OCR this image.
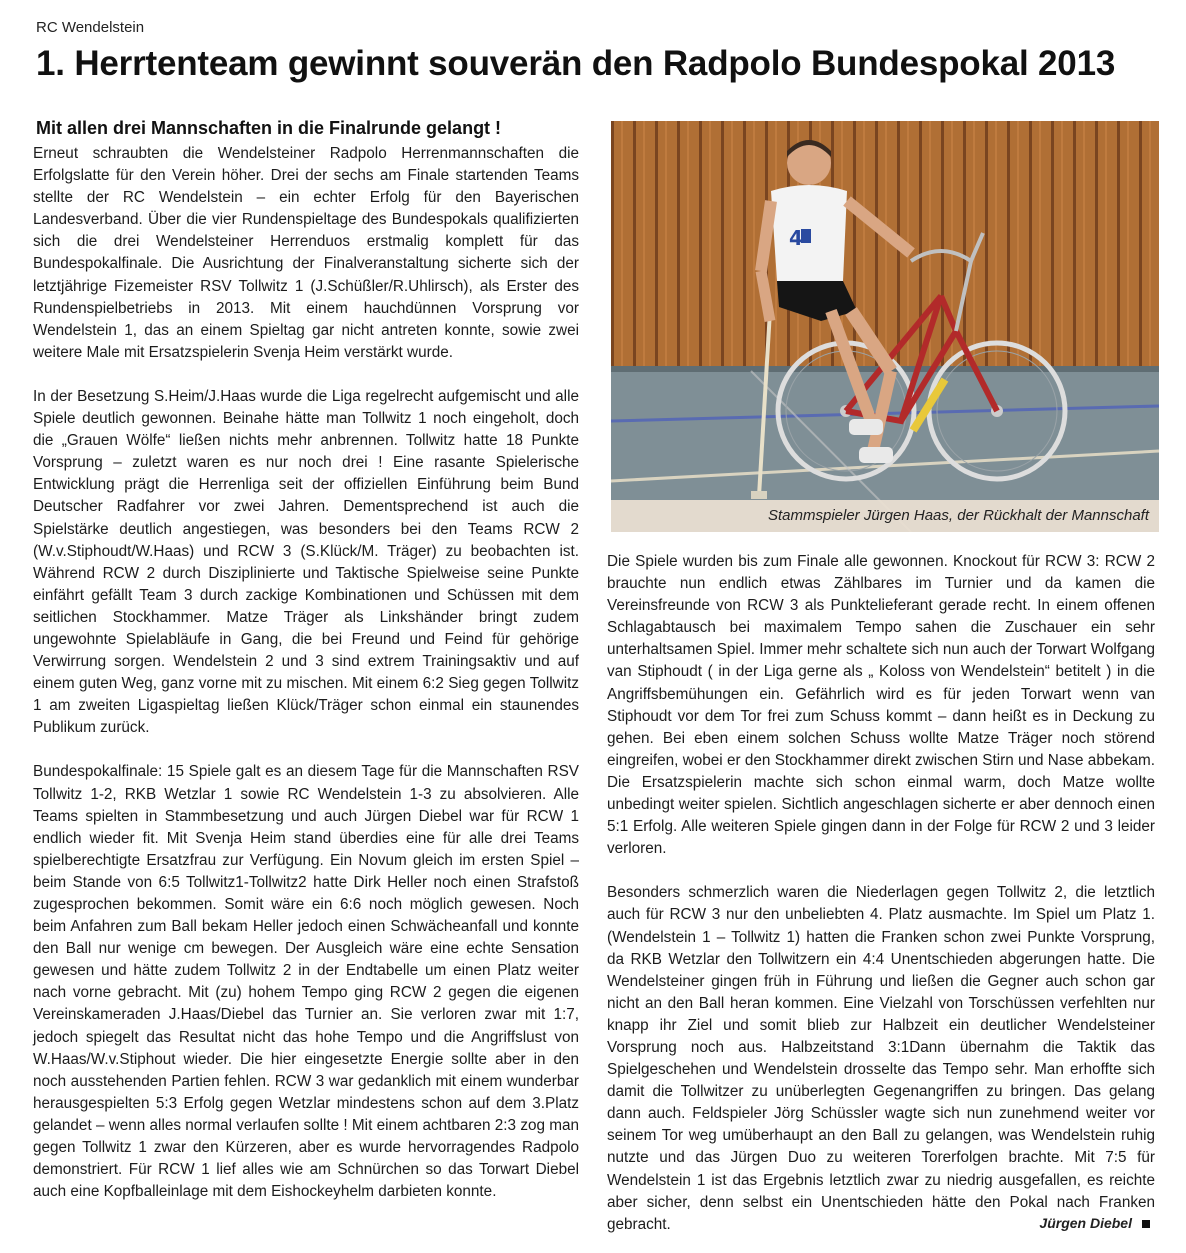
RC Wendelstein
1. Herrtenteam gewinnt souverän den Radpolo Bundespokal 2013
Mit allen drei Mannschaften in die Finalrunde gelangt !

Erneut schraubten die Wendelsteiner Radpolo Herrenmannschaften die Erfolgslatte für den Verein höher. Drei der sechs am Finale startenden Teams stellte der RC Wendelstein – ein echter Erfolg für den Bayerischen Landesverband. Über die vier Rundenspieltage des Bundespokals qualifizierten sich die drei Wendelsteiner Herrenduos erstmalig komplett für das Bundespokalfinale. Die Ausrichtung der Finalveranstaltung sicherte sich der letztjährige Fizemeister RSV Tollwitz 1 (J.Schüßler/R.Uhlirsch), als Erster des Rundenspielbetriebs in 2013. Mit einem hauchdünnen Vorsprung vor Wendelstein 1, das an einem Spieltag gar nicht antreten konnte, sowie zwei weitere Male mit Ersatzspielerin Svenja Heim verstärkt wurde.

In der Besetzung S.Heim/J.Haas wurde die Liga regelrecht aufgemischt und alle Spiele deutlich gewonnen. Beinahe hätte man Tollwitz 1 noch eingeholt, doch die „Grauen Wölfe“ ließen nichts mehr anbrennen. Tollwitz hatte 18 Punkte Vorsprung – zuletzt waren es nur noch drei ! Eine rasante Spielerische Entwicklung prägt die Herrenliga seit der offiziellen Einführung beim Bund Deutscher Radfahrer vor zwei Jahren. Dementsprechend ist auch die Spielstärke deutlich angestiegen, was besonders bei den Teams RCW 2 (W.v.Stiphoudt/W.Haas) und RCW 3 (S.Klück/M. Träger) zu beobachten ist. Während RCW 2 durch Disziplinierte und Taktische Spielweise seine Punkte einfährt gefällt Team 3 durch zackige Kombinationen und Schüssen mit dem seitlichen Stockhammer. Matze Träger als Linkshänder bringt zudem ungewohnte Spielabläufe in Gang, die bei Freund und Feind für gehörige Verwirrung sorgen. Wendelstein 2 und 3 sind extrem Trainingsaktiv und auf einem guten Weg, ganz vorne mit zu mischen. Mit einem 6:2 Sieg gegen Tollwitz 1 am zweiten Ligaspieltag ließen Klück/Träger schon einmal ein staunendes Publikum zurück.

Bundespokalfinale: 15 Spiele galt es an diesem Tage für die Mannschaften RSV Tollwitz 1-2, RKB Wetzlar 1 sowie RC Wendelstein 1-3 zu absolvieren. Alle Teams spielten in Stammbesetzung und auch Jürgen Diebel war für RCW 1 endlich wieder fit. Mit Svenja Heim stand überdies eine für alle drei Teams spielberechtigte Ersatzfrau zur Verfügung. Ein Novum gleich im ersten Spiel – beim Stande von 6:5 Tollwitz1-Tollwitz2 hatte Dirk Heller noch einen Strafstoß zugesprochen bekommen. Somit wäre ein 6:6 noch möglich gewesen. Noch beim Anfahren zum Ball bekam Heller jedoch einen Schwächeanfall und konnte den Ball nur wenige cm bewegen. Der Ausgleich wäre eine echte Sensation gewesen und hätte zudem Tollwitz 2 in der Endtabelle um einen Platz weiter nach vorne gebracht. Mit (zu) hohem Tempo ging RCW 2 gegen die eigenen Vereinskameraden J.Haas/Diebel das Turnier an. Sie verloren zwar mit 1:7, jedoch spiegelt das Resultat nicht das hohe Tempo und die Angriffslust von W.Haas/W.v.Stiphout wieder. Die hier eingesetzte Energie sollte aber in den noch ausstehenden Partien fehlen. RCW 3 war gedanklich mit einem wunderbar herausgespielten 5:3 Erfolg gegen Wetzlar mindestens schon auf dem 3.Platz gelandet – wenn alles normal verlaufen sollte ! Mit einem achtbaren 2:3 zog man gegen Tollwitz 1 zwar den Kürzeren, aber es wurde hervorragendes Radpolo demonstriert. Für RCW 1 lief alles wie am Schnürchen so das Torwart Diebel auch eine Kopfballeinlage mit dem Eishockeyhelm darbieten konnte.

4
Stammspieler Jürgen Haas, der Rückhalt der Mannschaft

Die Spiele wurden bis zum Finale alle gewonnen. Knockout für RCW 3: RCW 2 brauchte nun endlich etwas Zählbares im Turnier und da kamen die Vereinsfreunde von RCW 3 als Punktelieferant gerade recht. In einem offenen Schlagabtausch bei maximalem Tempo sahen die Zuschauer ein sehr unterhaltsamen Spiel. Immer mehr schaltete sich nun auch der Torwart Wolfgang van Stiphoudt ( in der Liga gerne als „ Koloss von Wendelstein“ betitelt ) in die Angriffsbemühungen ein. Gefährlich wird es für jeden Torwart wenn van Stiphoudt vor dem Tor frei zum Schuss kommt – dann heißt es in Deckung zu gehen. Bei eben einem solchen Schuss wollte Matze Träger noch störend eingreifen, wobei er den Stockhammer direkt zwischen Stirn und Nase abbekam. Die Ersatzspielerin machte sich schon einmal warm, doch Matze wollte unbedingt weiter spielen. Sichtlich angeschlagen sicherte er aber dennoch einen 5:1 Erfolg. Alle weiteren Spiele gingen dann in der Folge für RCW 2 und 3 leider verloren.

Besonders schmerzlich waren die Niederlagen gegen Tollwitz 2, die letztlich auch für RCW 3 nur den unbeliebten 4. Platz ausmachte. Im Spiel um Platz 1. (Wendelstein 1 – Tollwitz 1) hatten die Franken schon zwei Punkte Vorsprung, da RKB Wetzlar den Tollwitzern ein 4:4 Unentschieden abgerungen hatte. Die Wendelsteiner gingen früh in Führung und ließen die Gegner auch schon gar nicht an den Ball heran kommen. Eine Vielzahl von Torschüssen verfehlten nur knapp ihr Ziel und somit blieb zur Halbzeit ein deutlicher Wendelsteiner Vorsprung noch aus. Halbzeitstand 3:1Dann übernahm die Taktik das Spielgeschehen und Wendelstein drosselte das Tempo sehr. Man erhoffte sich damit die Tollwitzer zu unüberlegten Gegenangriffen zu bringen. Das gelang dann auch. Feldspieler Jörg Schüssler wagte sich nun zunehmend weiter vor seinem Tor weg umüberhaupt an den Ball zu gelangen, was Wendelstein ruhig nutzte und das Jürgen Duo zu weiteren Torerfolgen brachte. Mit 7:5 für Wendelstein 1 ist das Ergebnis letztlich zwar zu niedrig ausgefallen, es reichte aber sicher, denn selbst ein Unentschieden hätte den Pokal nach Franken gebracht.	Jürgen Diebel
